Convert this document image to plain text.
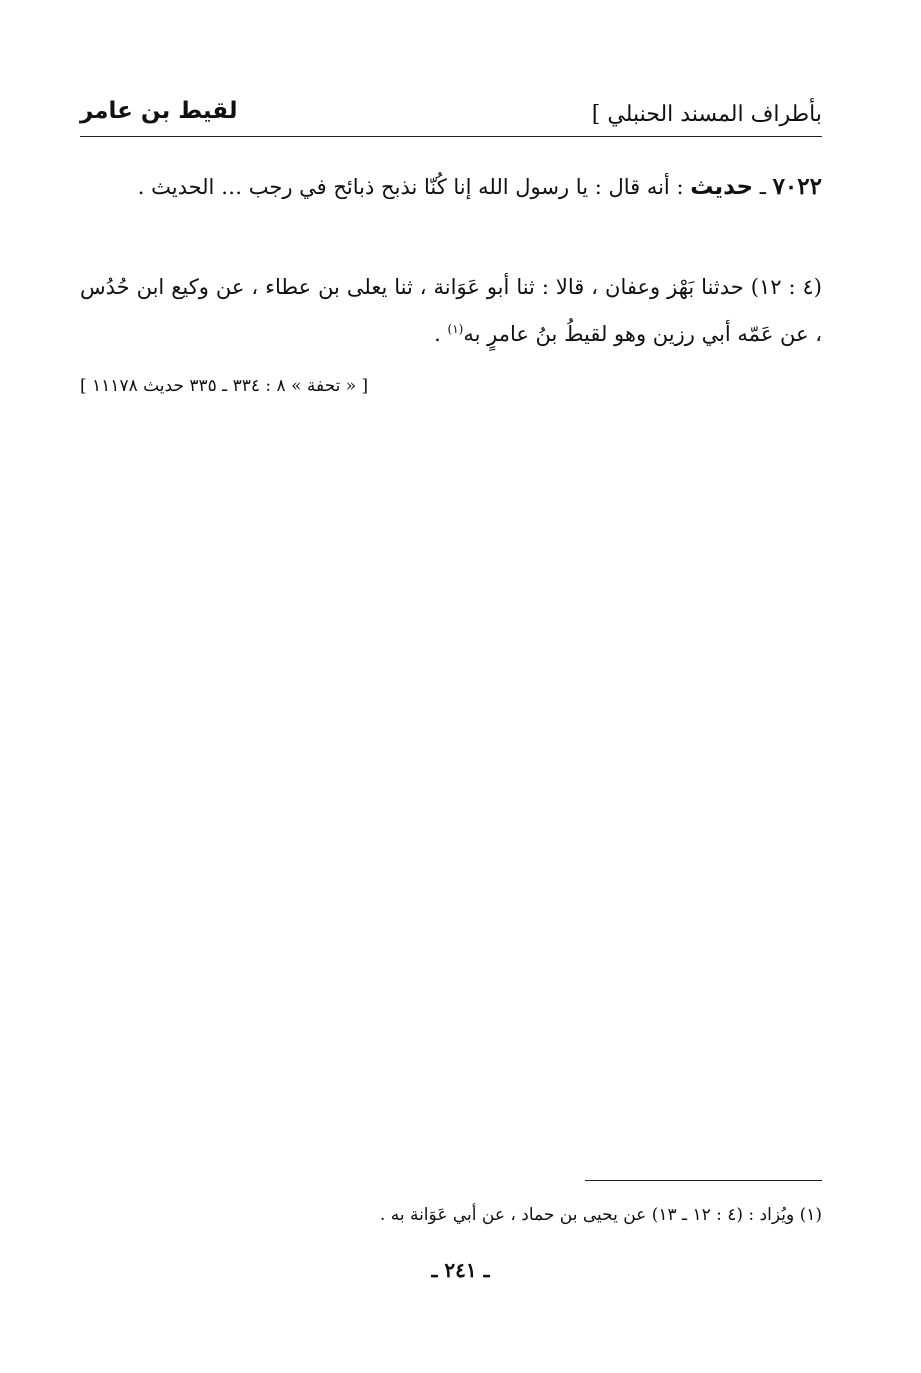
بأطراف المسند الحنبلي ]
لقيط بن عامر
٧٠٢٢ ـ حديث : أنه قال : يا رسول الله إنا كُنّا نذبح ذبائح في رجب … الحديث .
(٤ : ١٢) حدثنا بَهْز وعفان ، قالا : ثنا أبو عَوَانة ، ثنا يعلى بن عطاء ، عن وكيع ابن حُدُس ، عن عَمّه أبي رزين وهو لقيطُ بنُ عامرٍ به$^{(١)}$ .
[ « تحفة » ٨ : ٣٣٤ ـ ٣٣٥ حديث ١١١٧٨ ]
(١) ويُزاد : (٤ : ١٢ ـ ١٣) عن يحيى بن حماد ، عن أبي عَوَانة به .
ـ ٢٤١ ـ
